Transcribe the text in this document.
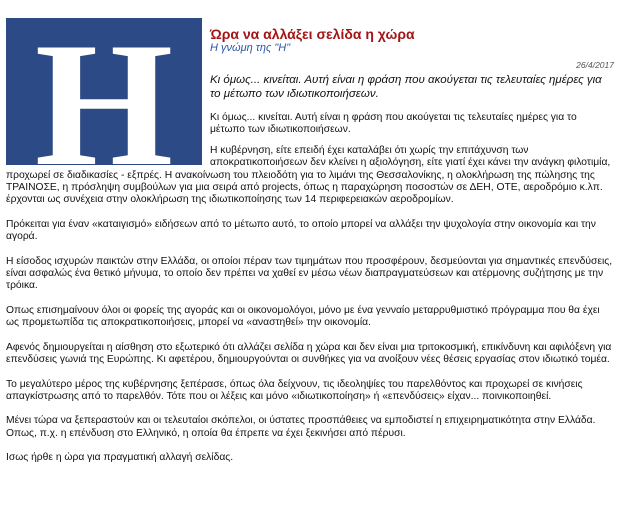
H	Ώρα να αλλάξει σελίδα η χώρα
Η γνώμη της "Η"
26/4/2017
Κι όμως... κινείται. Αυτή είναι η φράση που ακούγεται τις τελευταίες ημέρες για το μέτωπο των ιδιωτικοποιήσεων.

Κι όμως... κινείται. Αυτή είναι η φράση που ακούγεται τις τελευταίες ημέρες για το μέτωπο των ιδιωτικοποιήσεων.

Η κυβέρνηση, είτε επειδή έχει καταλάβει ότι χωρίς την επιτάχυνση των αποκρατικοποιήσεων δεν κλείνει η αξιολόγηση, είτε γιατί έχει κάνει την ανάγκη φιλοτιμία, προχωρεί σε διαδικασίες - εξπρές. Η ανακοίνωση του πλειοδότη για το λιμάνι της Θεσσαλονίκης, η ολοκλήρωση της πώλησης της ΤΡΑΙΝΟΣΕ, η πρόσληψη συμβούλων για μια σειρά από projects, όπως η παραχώρηση ποσοστών σε ΔΕΗ, ΟΤΕ, αεροδρόμιο κ.λπ. έρχονται ως συνέχεια στην ολοκλήρωση της ιδιωτικοποίησης των 14 περιφερειακών αεροδρομίων.

Πρόκειται για έναν «καταιγισμό» ειδήσεων από το μέτωπο αυτό, το οποίο μπορεί να αλλάξει την ψυχολογία στην οικονομία και την αγορά.

Η είσοδος ισχυρών παικτών στην Ελλάδα, οι οποίοι πέραν των τιμημάτων που προσφέρουν, δεσμεύονται για σημαντικές επενδύσεις, είναι ασφαλώς ένα θετικό μήνυμα, το οποίο δεν πρέπει να χαθεί εν μέσω νέων διαπραγματεύσεων και ατέρμονης συζήτησης με την τρόικα.

Οπως επισημαίνουν όλοι οι φορείς της αγοράς και οι οικονομολόγοι, μόνο με ένα γενναίο μεταρρυθμιστικό πρόγραμμα που θα έχει ως προμετωπίδα τις αποκρατικοποιήσεις, μπορεί να «αναστηθεί» την οικονομία.

Αφενός δημιουργείται η αίσθηση στο εξωτερικό ότι αλλάζει σελίδα η χώρα και δεν είναι μια τριτοκοσμική, επικίνδυνη και αφιλόξενη για επενδύσεις γωνιά της Ευρώπης. Κι αφετέρου, δημιουργούνται οι συνθήκες για να ανοίξουν νέες θέσεις εργασίας στον ιδιωτικό τομέα.

Το μεγαλύτερο μέρος της κυβέρνησης ξεπέρασε, όπως όλα δείχνουν, τις ιδεοληψίες του παρελθόντος και προχωρεί σε κινήσεις απαγκίστρωσης από το παρελθόν. Τότε που οι λέξεις και μόνο «ιδιωτικοποίηση» ή «επενδύσεις» είχαν... ποινικοποιηθεί.

Μένει τώρα να ξεπεραστούν και οι τελευταίοι σκόπελοι, οι ύστατες προσπάθειες να εμποδιστεί η επιχειρηματικότητα στην Ελλάδα. Οπως, π.χ. η επένδυση στο Ελληνικό, η οποία θα έπρεπε να έχει ξεκινήσει από πέρυσι.

Ισως ήρθε η ώρα για πραγματική αλλαγή σελίδας.
